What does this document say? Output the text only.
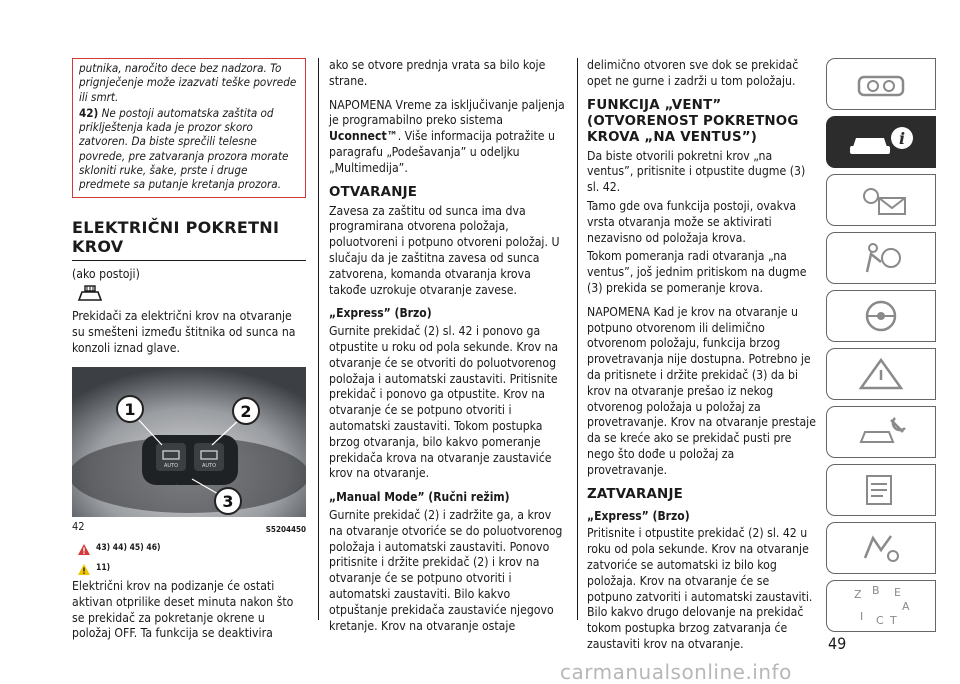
putnika, naročito dece bez nadzora. To prignječenje može izazvati teške povrede ili smrt.

42) Ne postoji automatska zaštita od priklještenja kada je prozor skoro zatvoren. Da biste sprečili telesne povrede, pre zatvaranja prozora morate skloniti ruke, šake, prste i druge predmete sa putanje kretanja prozora.

ELEKTRIČNI POKRETNI KROV

(ako postoji)

Prekidači za električni krov na otvaranje su smešteni između štitnika od sunca na konzoli iznad glave.

1	2
3
AUTO	AUTO
42	S5204450
43) 44) 45) 46)
11)

Električni krov na podizanje će ostati aktivan otprilike deset minuta nakon što se prekidač za pokretanje okrene u položaj OFF. Ta funkcija se deaktivira

ako se otvore prednja vrata sa bilo koje strane.

NAPOMENA Vreme za isključivanje paljenja je programabilno preko sistema Uconnect™. Više informacija potražite u paragrafu „Podešavanja” u odeljku „Multimedija”.

OTVARANJE

Zavesa za zaštitu od sunca ima dva programirana otvorena položaja, poluotvoreni i potpuno otvoreni položaj. U slučaju da je zaštitna zavesa od sunca zatvorena, komanda otvaranja krova takođe uzrokuje otvaranje zavese.

„Express” (Brzo)

Gurnite prekidač (2) sl. 42 i ponovo ga otpustite u roku od pola sekunde. Krov na otvaranje će se otvoriti do poluotvorenog položaja i automatski zaustaviti. Pritisnite prekidač i ponovo ga otpustite. Krov na otvaranje će se potpuno otvoriti i automatski zaustaviti. Tokom postupka brzog otvaranja, bilo kakvo pomeranje prekidača krova na otvaranje zaustaviće krov na otvaranje.

„Manual Mode” (Ručni režim)

Gurnite prekidač (2) i zadržite ga, a krov na otvaranje otvoriće se do poluotvorenog položaja i automatski zaustaviti. Ponovo pritisnite i držite prekidač (2) i krov na otvaranje će se potpuno otvoriti i automatski zaustaviti. Bilo kakvo otpuštanje prekidača zaustaviće njegovo kretanje. Krov na otvaranje ostaje

delimično otvoren sve dok se prekidač opet ne gurne i zadrži u tom položaju.

FUNKCIJA „VENT” (OTVORENOST POKRETNOG KROVA „NA VENTUS”)

Da biste otvorili pokretni krov „na ventus”, pritisnite i otpustite dugme (3) sl. 42.

Tamo gde ova funkcija postoji, ovakva vrsta otvaranja može se aktivirati nezavisno od položaja krova.

Tokom pomeranja radi otvaranja „na ventus”, još jednim pritiskom na dugme (3) prekida se pomeranje krova.

NAPOMENA Kad je krov na otvaranje u potpuno otvorenom ili delimično otvorenom položaju, funkcija brzog provetravanja nije dostupna. Potrebno je da pritisnete i držite prekidač (3) da bi krov na otvaranje prešao iz nekog otvorenog položaja u položaj za provetravanje. Krov na otvaranje prestaje da se kreće ako se prekidač pusti pre nego što dođe u položaj za provetravanje.

ZATVARANJE
„Express” (Brzo)

Pritisnite i otpustite prekidač (2) sl. 42 u roku od pola sekunde. Krov na otvaranje zatvoriće se automatski iz bilo kog položaja. Krov na otvaranje će se potpuno zatvoriti i automatski zaustaviti. Bilo kakvo drugo delovanje na prekidač tokom postupka brzog zatvaranja će zaustaviti krov na otvaranje.

i
Z B E
A
I C T
49
carmanualsonline.info
